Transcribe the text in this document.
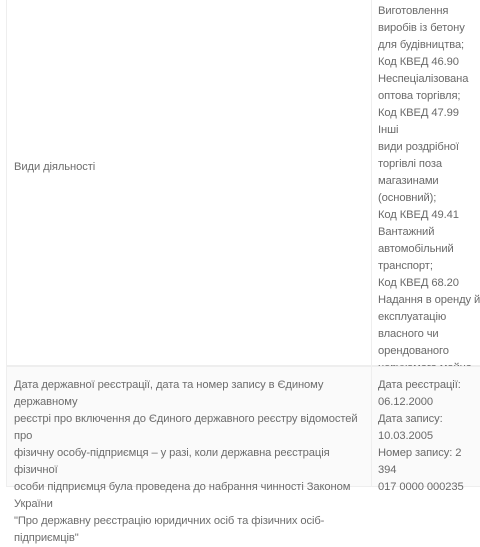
Види діяльності

Виготовлення

виробів із бетону

для будівництва;

Код КВЕД 46.90

Неспеціалізована

оптова торгівля;

Код КВЕД 47.99 Інші

види роздрібної

торгівлі поза

магазинами

(основний);

Код КВЕД 49.41

Вантажний

автомобільний

транспорт;

Код КВЕД 68.20

Надання в оренду й

експлуатацію

власного чи

орендованого

Дата державної реєстрації, дата та номер запису в Єдиному державному

реєстрі про включення до Єдиного державного реєстру відомостей про

фізичну особу-підприємця – у разі, коли державна реєстрація фізичної

особи підприємця була проведена до набрання чинності Законом України

"Про державну реєстрацію юридичних осіб та фізичних осіб-підприємців"

Дата реєстрації:

06.12.2000

Дата запису:

10.03.2005

Номер запису: 2 394

017 0000 000235
